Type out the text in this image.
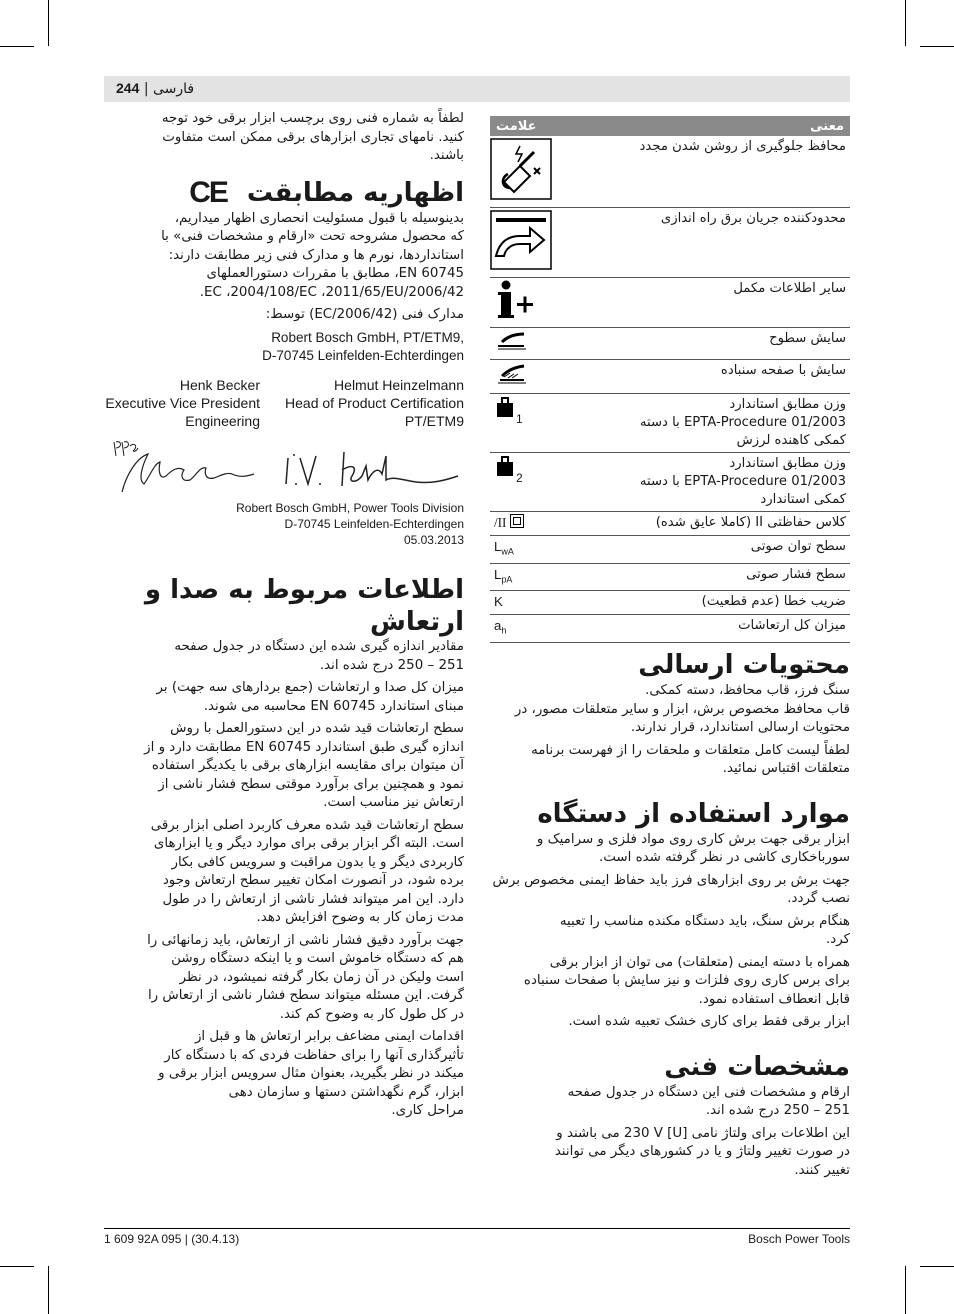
فارسی | 244
معنی	علامت
محافظ جلوگیری از روشن شدن مجدد	
محدودکننده جریان برق راه اندازی	
سایر اطلاعات مکمل	
سایش سطوح	
سایش با صفحه سنباده	
وزن مطابق استاندارد
EPTA-Procedure 01/2003 با دسته
کمکی کاهنده لرزش	1
وزن مطابق استاندارد
EPTA-Procedure 01/2003 با دسته
کمکی استاندارد	2
کلاس حفاظتی II (کاملا عایق شده)	/II
سطح توان صوتی	$L_{wA}$
سطح فشار صوتی	$L_{pA}$
ضریب خطا (عدم قطعیت)	K
میزان کل ارتعاشات	$a_h$
محتویات ارسالی

سنگ فرز، قاب محافظ، دسته کمکی.
قاب محافظ مخصوص برش، ابزار و سایر متعلقات مصور، در
محتویات ارسالی استاندارد، قرار ندارند.

لطفاً لیست کامل متعلقات و ملحقات را از فهرست برنامه
متعلقات اقتباس نمائید.

موارد استفاده از دستگاه

ابزار برقی جهت برش کاری روی مواد فلزی و سرامیک و
سورباخکاری کاشی در نظر گرفته شده است.

جهت برش بر روی ابزارهای فرز باید حفاظ ایمنی مخصوص برش
نصب گردد.

هنگام برش سنگ، باید دستگاه مکنده مناسب را تعبیه
کرد.

همراه با دسته ایمنی (متعلقات) می توان از ابزار برقی
برای برس کاری روی فلزات و نیز سایش با صفحات سنباده
قابل انعطاف استفاده نمود.

ابزار برقی فقط برای کاری خشک تعبیه شده است.

مشخصات فنی

ارقام و مشخصات فنی این دستگاه در جدول صفحه
251 – 250 درج شده اند.

این اطلاعات برای ولتاژ نامی [U] 230 V می باشند و
در صورت تغییر ولتاژ و یا در کشورهای دیگر می توانند
تغییر کنند.

لطفاً به شماره فنی روی برچسب ابزار برقی خود توجه
کنید. نامهای تجاری ابزارهای برقی ممکن است متفاوت
باشند.

اظهاریه مطابقت
CE

بدینوسیله با قبول مسئولیت انحصاری اظهار میداریم،
که محصول مشروحه تحت «ارقام و مشخصات فنی» با
استانداردها، نورم ها و مدارک فنی زیر مطابقت دارند:
EN 60745، مطابق با مقررات دستورالعملهای
2006/42/EC ،2004/108/EC ،2011/65/EU.

مدارک فنی (2006/42/EC) توسط:

Robert Bosch GmbH, PT/ETM9,
D-70745 Leinfelden-Echterdingen

Helmut Heinzelmann
Head of Product Certification
PT/ETM9
Henk Becker
Executive Vice President
Engineering
Robert Bosch GmbH, Power Tools Division
D-70745 Leinfelden-Echterdingen
05.03.2013
اطلاعات مربوط به صدا و
ارتعاش

مقادیر اندازه گیری شده این دستگاه در جدول صفحه
251 – 250 درج شده اند.

میزان کل صدا و ارتعاشات (جمع بردارهای سه جهت) بر
مبنای استاندارد EN 60745 محاسبه می شوند.

سطح ارتعاشات قید شده در این دستورالعمل با روش
اندازه گیری طبق استاندارد EN 60745 مطابقت دارد و از
آن میتوان برای مقایسه ابزارهای برقی با یکدیگر استفاده
نمود و همچنین برای برآورد موقتی سطح فشار ناشی از
ارتعاش نیز مناسب است.

سطح ارتعاشات قید شده معرف کاربرد اصلی ابزار برقی
است. البته اگر ابزار برقی برای موارد دیگر و یا ابزارهای
کاربردی دیگر و یا بدون مراقبت و سرویس کافی بکار
برده شود، در آنصورت امکان تغییر سطح ارتعاش وجود
دارد. این امر میتواند فشار ناشی از ارتعاش را در طول
مدت زمان کار به وضوح افزایش دهد.

جهت برآورد دقیق فشار ناشی از ارتعاش، باید زمانهائی را
هم که دستگاه خاموش است و یا اینکه دستگاه روشن
است ولیکن در آن زمان بکار گرفته نمیشود، در نظر
گرفت. این مسئله میتواند سطح فشار ناشی از ارتعاش را
در کل طول کار به وضوح کم کند.

اقدامات ایمنی مضاعف برابر ارتعاش ها و قبل از
تأثیرگذاری آنها را برای حفاظت فردی که با دستگاه کار
میکند در نظر بگیرید، بعنوان مثال سرویس ابزار برقی و
ابزار، گرم نگهداشتن دستها و سازمان دهی
مراحل کاری.

1 609 92A 095 | (30.4.13)	Bosch Power Tools
